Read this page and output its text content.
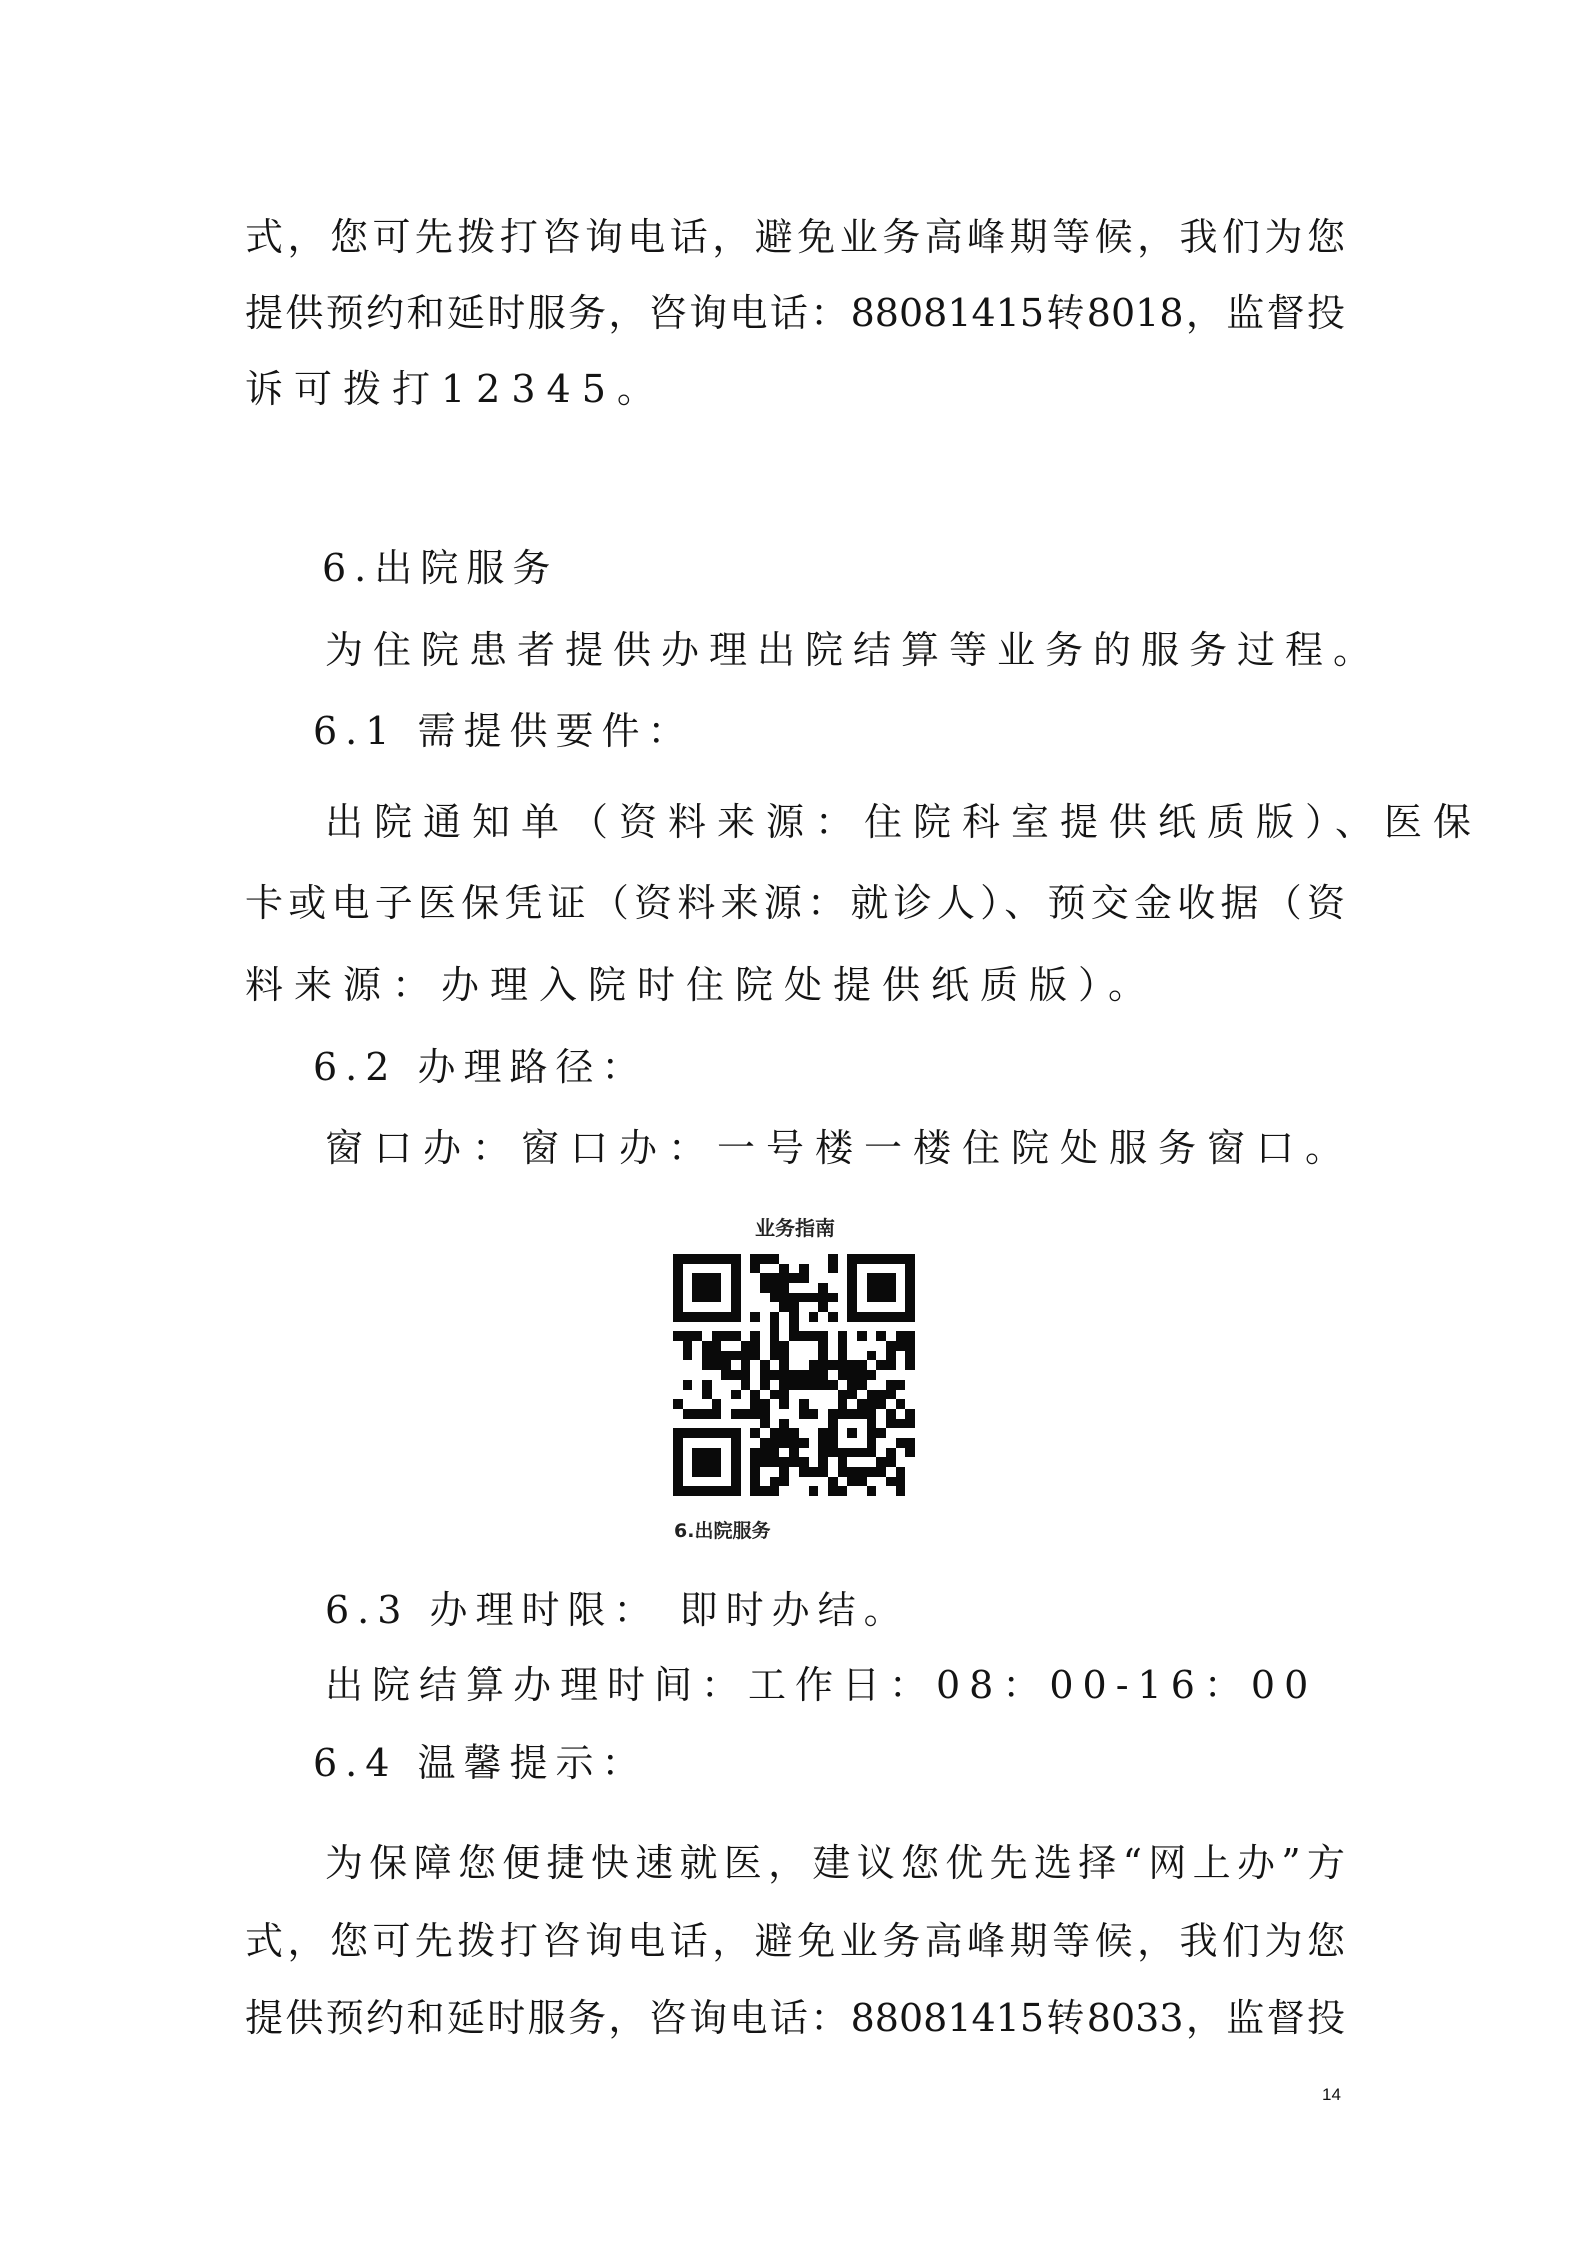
式，您可先拨打咨询电话，避免业务高峰期等候，我们为您
提供预约和延时服务，咨询电话：88081415转8018，监督投
诉可拨打12345。
6.出院服务
为住院患者提供办理出院结算等业务的服务过程。
6.1 需提供要件：
出院通知单（资料来源：住院科室提供纸质版）、医保
卡或电子医保凭证（资料来源：就诊人）、预交金收据（资
料来源：办理入院时住院处提供纸质版）。
6.2 办理路径：
窗口办：窗口办：一号楼一楼住院处服务窗口。
业务指南
6.出院服务
6.3 办理时限： 即时办结。
出院结算办理时间：工作日：08：00-16：00
6.4 温馨提示：
为保障您便捷快速就医，建议您优先选择“网上办”方
式，您可先拨打咨询电话，避免业务高峰期等候，我们为您
提供预约和延时服务，咨询电话：88081415转8033，监督投
14
